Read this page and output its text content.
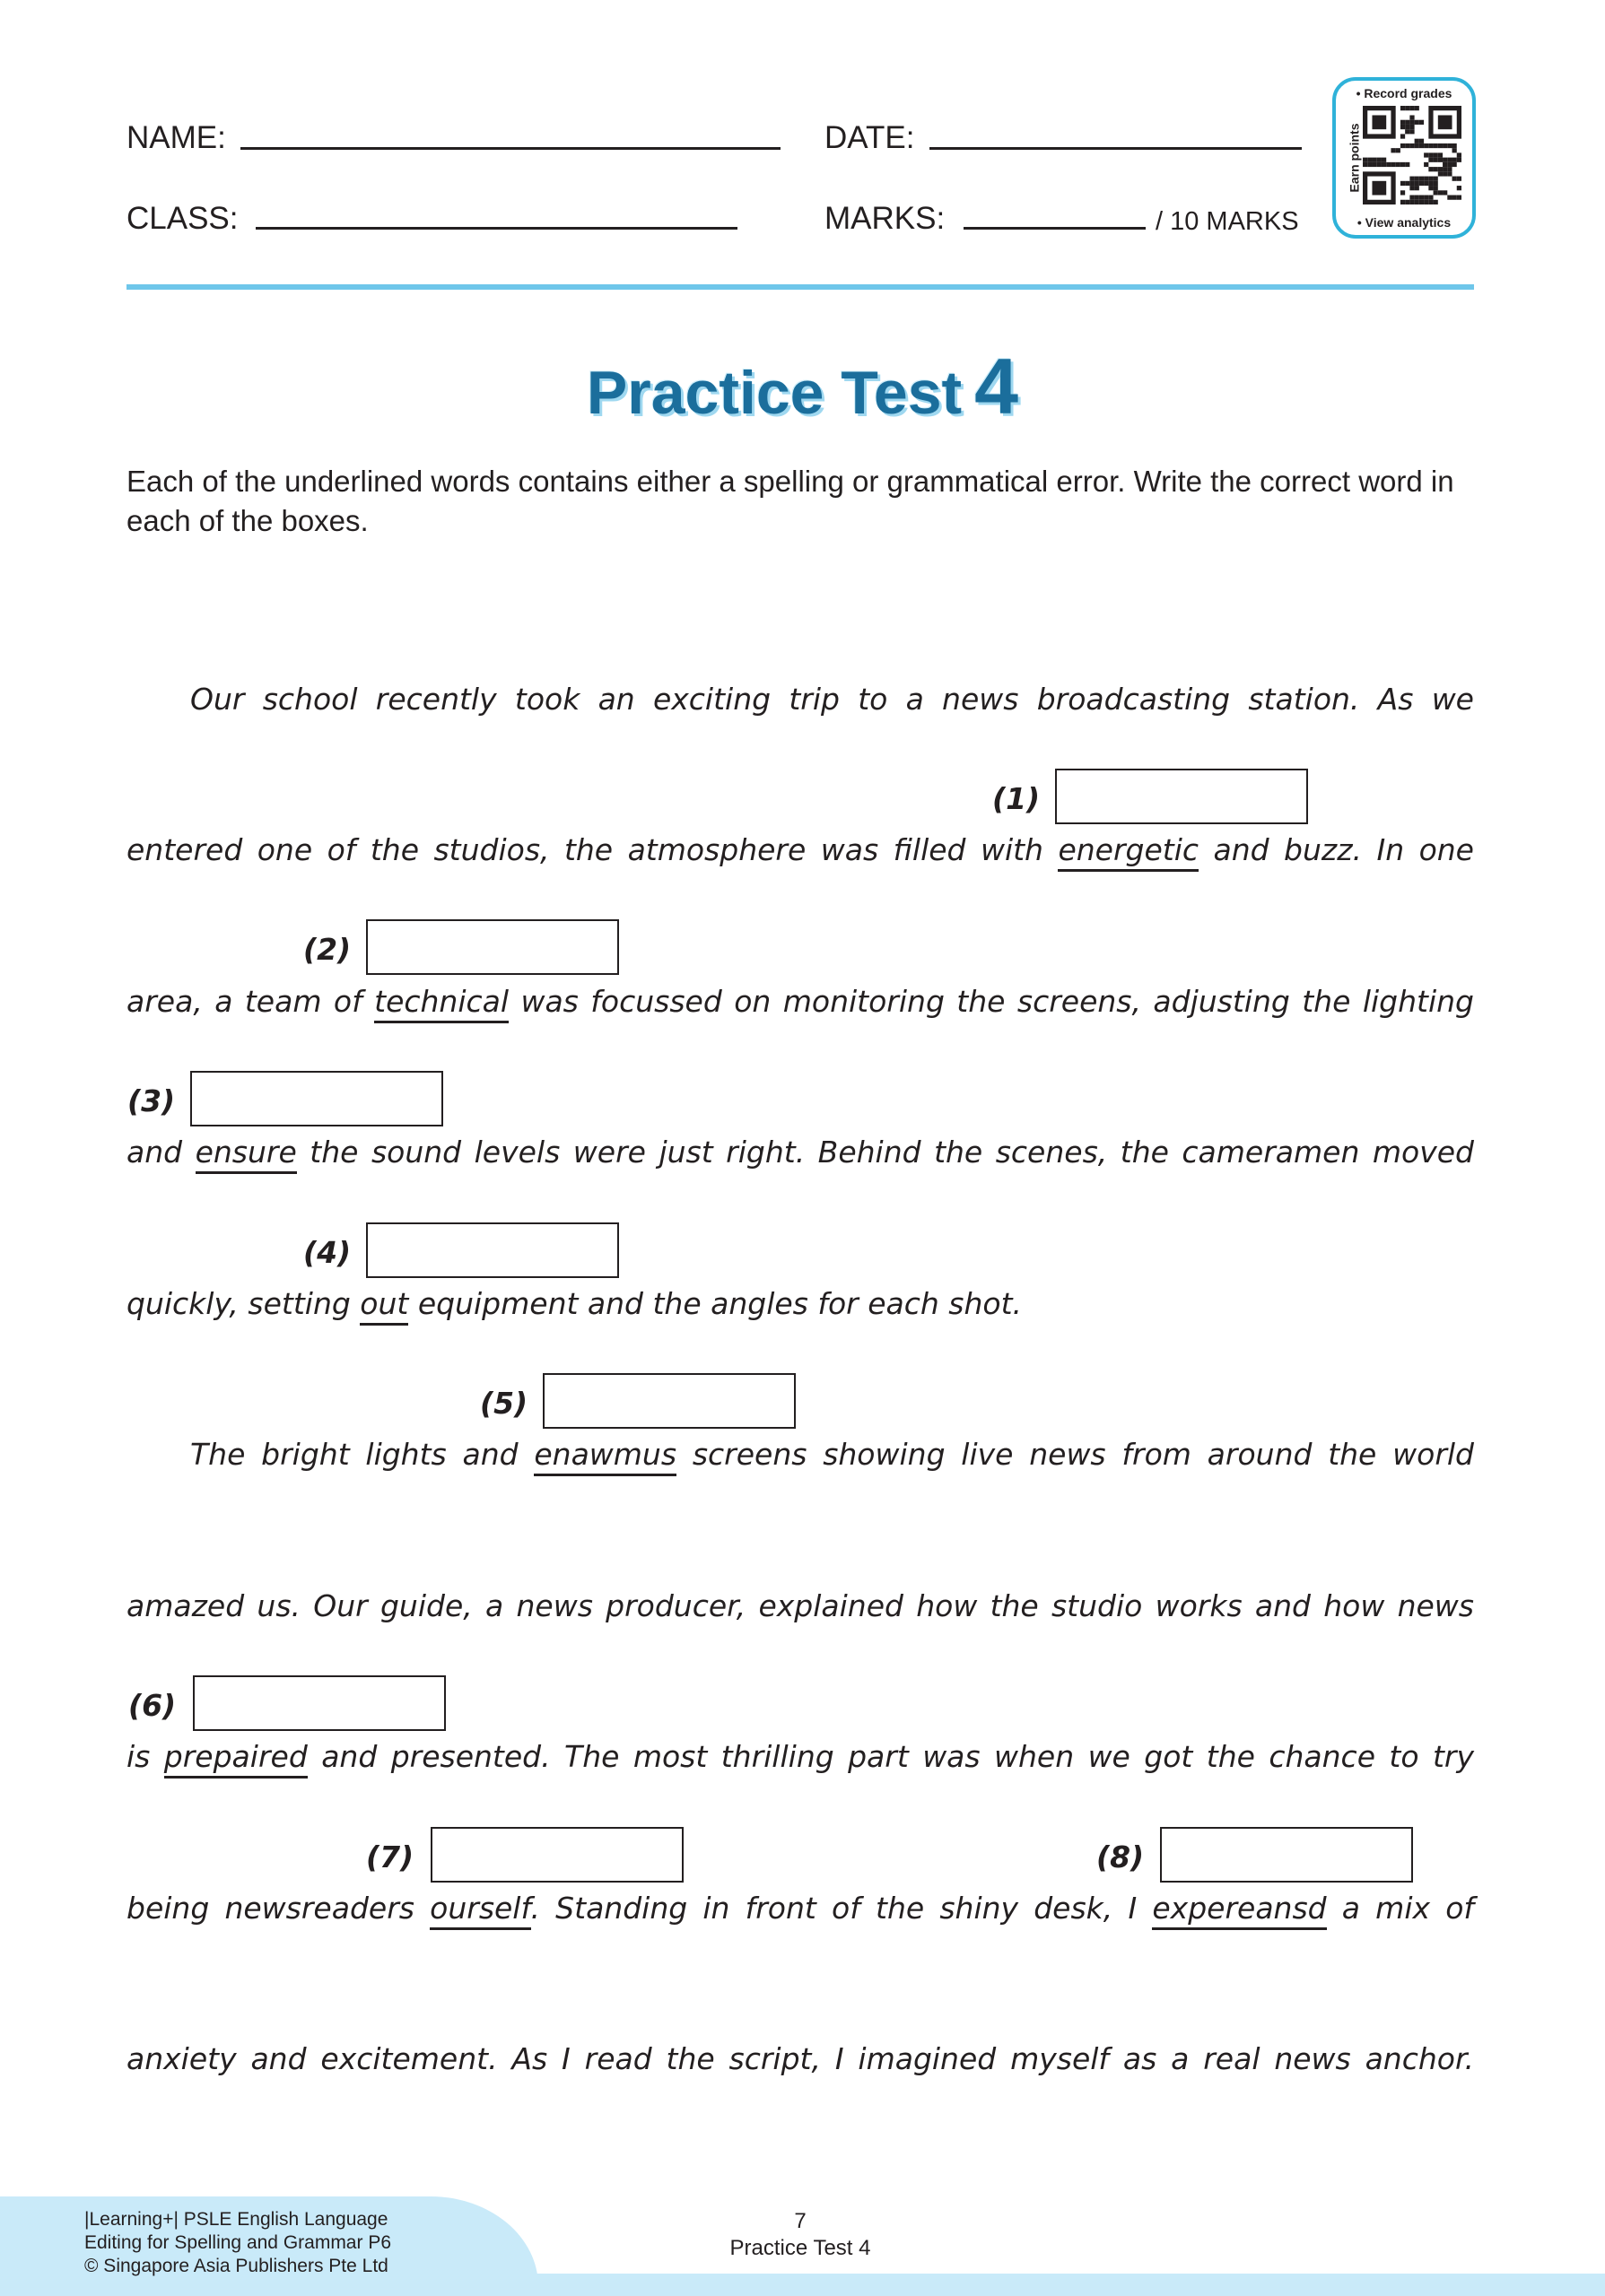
NAME:	DATE:
CLASS:	MARKS:	/ 10 MARKS
• Record grades
Earn points
• View analytics
Practice Test 4
Each of the underlined words contains either a spelling or grammatical error. Write the correct word in each of the boxes.
(1)
(2)
(3)
(4)
(5)
(6)
(7)	(8)
Our school recently took an exciting trip to a news broadcasting station. As we
entered one of the studios, the atmosphere was filled with energetic and buzz. In one
area, a team of technical was focussed on monitoring the screens, adjusting the lighting
and ensure the sound levels were just right. Behind the scenes, the cameramen moved
quickly, setting out equipment and the angles for each shot.
The bright lights and enawmus screens showing live news from around the world
amazed us. Our guide, a news producer, explained how the studio works and how news
is prepaired and presented. The most thrilling part was when we got the chance to try
being newsreaders ourself. Standing in front of the shiny desk, I expereansd a mix of
anxiety and excitement. As I read the script, I imagined myself as a real news anchor.
|Learning+| PSLE English Language
Editing for Spelling and Grammar P6
© Singapore Asia Publishers Pte Ltd
7
Practice Test 4
